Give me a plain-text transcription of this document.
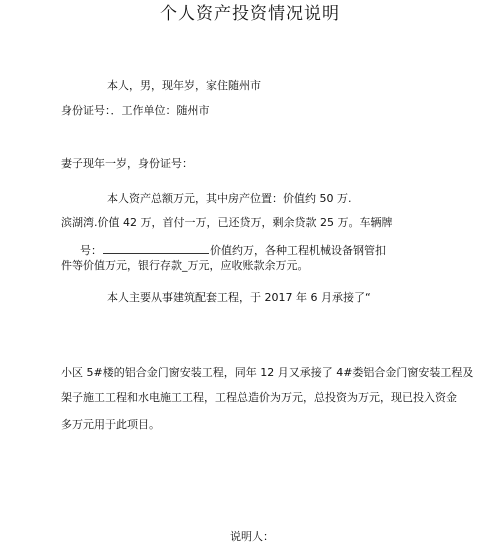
个人资产投资情况说明
本人，男，现年岁，家住随州市
身份证号：．工作单位：随州市
妻子现年一岁，身份证号：
本人资产总额万元，其中房产位置：价值约 50 万.
滨湖湾.价值 42 万，首付一万，已还贷万，剩余贷款 25 万。车辆牌
号：	价值约万，各种工程机械设备钢管扣
件等价值万元，银行存款_万元，应收账款余万元。
本人主要从事建筑配套工程，于 2017 年 6 月承接了“
小区 5#楼的铝合金门窗安装工程，同年 12 月又承接了 4#娄铝合金门窗安装工程及
架子施工工程和水电施工工程，工程总造价为万元，总投资为万元，现已投入资金
多万元用于此项目。
说明人：
